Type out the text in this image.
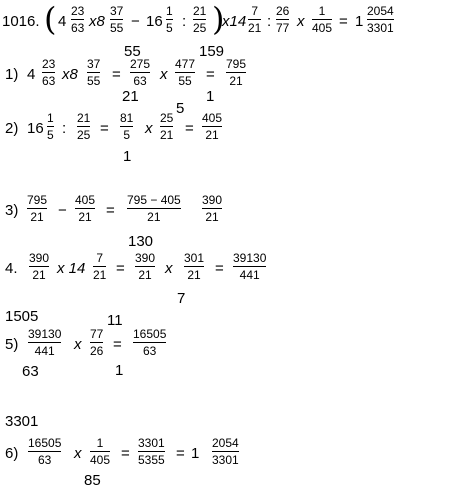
1016. ( 4
23
63 x8
37
55 − 16
1
5 :
21
25 )
x14
7
21 :
26
77 x
1
405 = 1
2054
3301
55	159
1) 4
23
63 x8
37
55 =
275
63 x
477
55 =
795
21
21	1
5
2) 16
1
5 :
21
25 =
81
5 x
25
21 =
405
21
1
3)
795
21 −
405
21 =
795 − 405
21
390
21
130
4.
390
21 x 14
7
21 =
390
21 x
301
21 =
39130
441
7
1505	11
5)
39130
441 x
77
26 =
16505
63
63	1
3301
6)
16505
63 x
1
405 =
3301
5355 = 1
2054
3301
85
